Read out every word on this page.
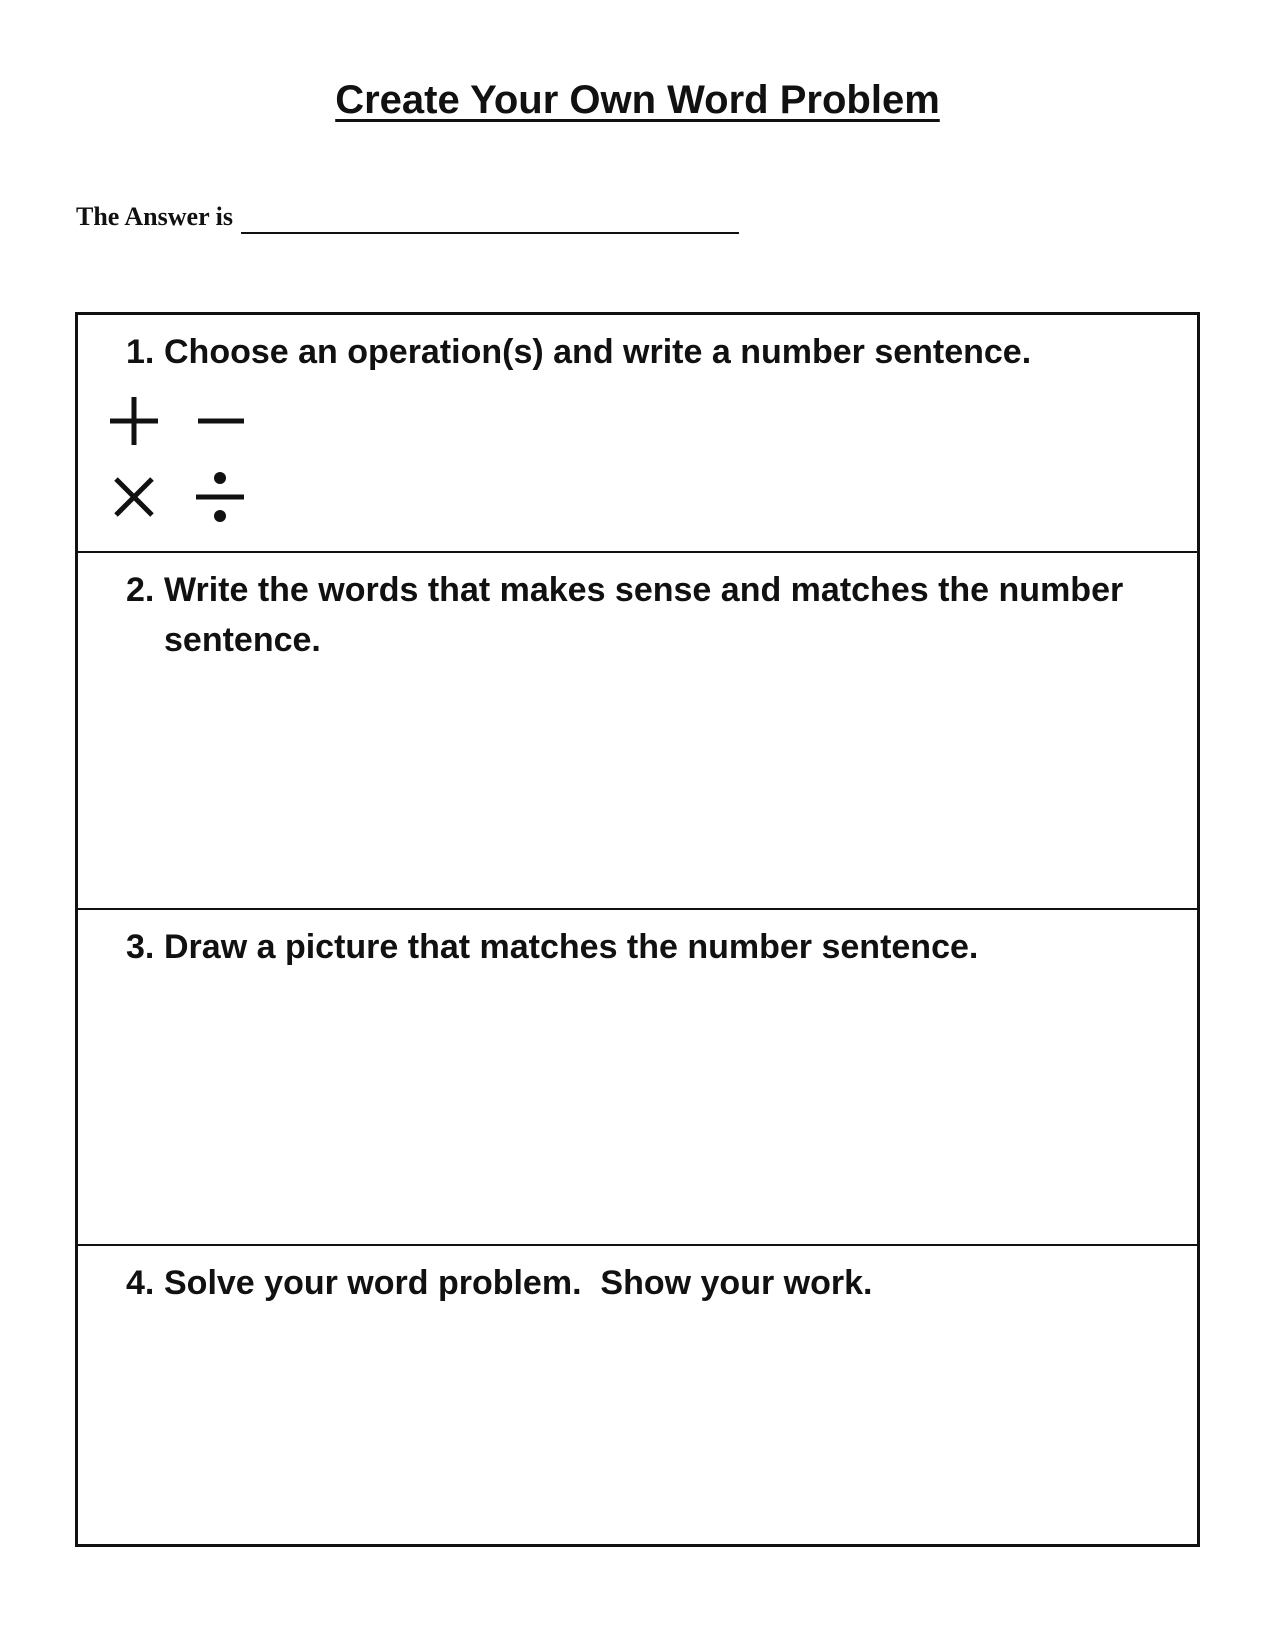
Create Your Own Word Problem
The Answer is
1. Choose an operation(s) and write a number sentence.
2. Write the words that makes sense and matches the number sentence.
3. Draw a picture that matches the number sentence.
4. Solve your word problem.  Show your work.
